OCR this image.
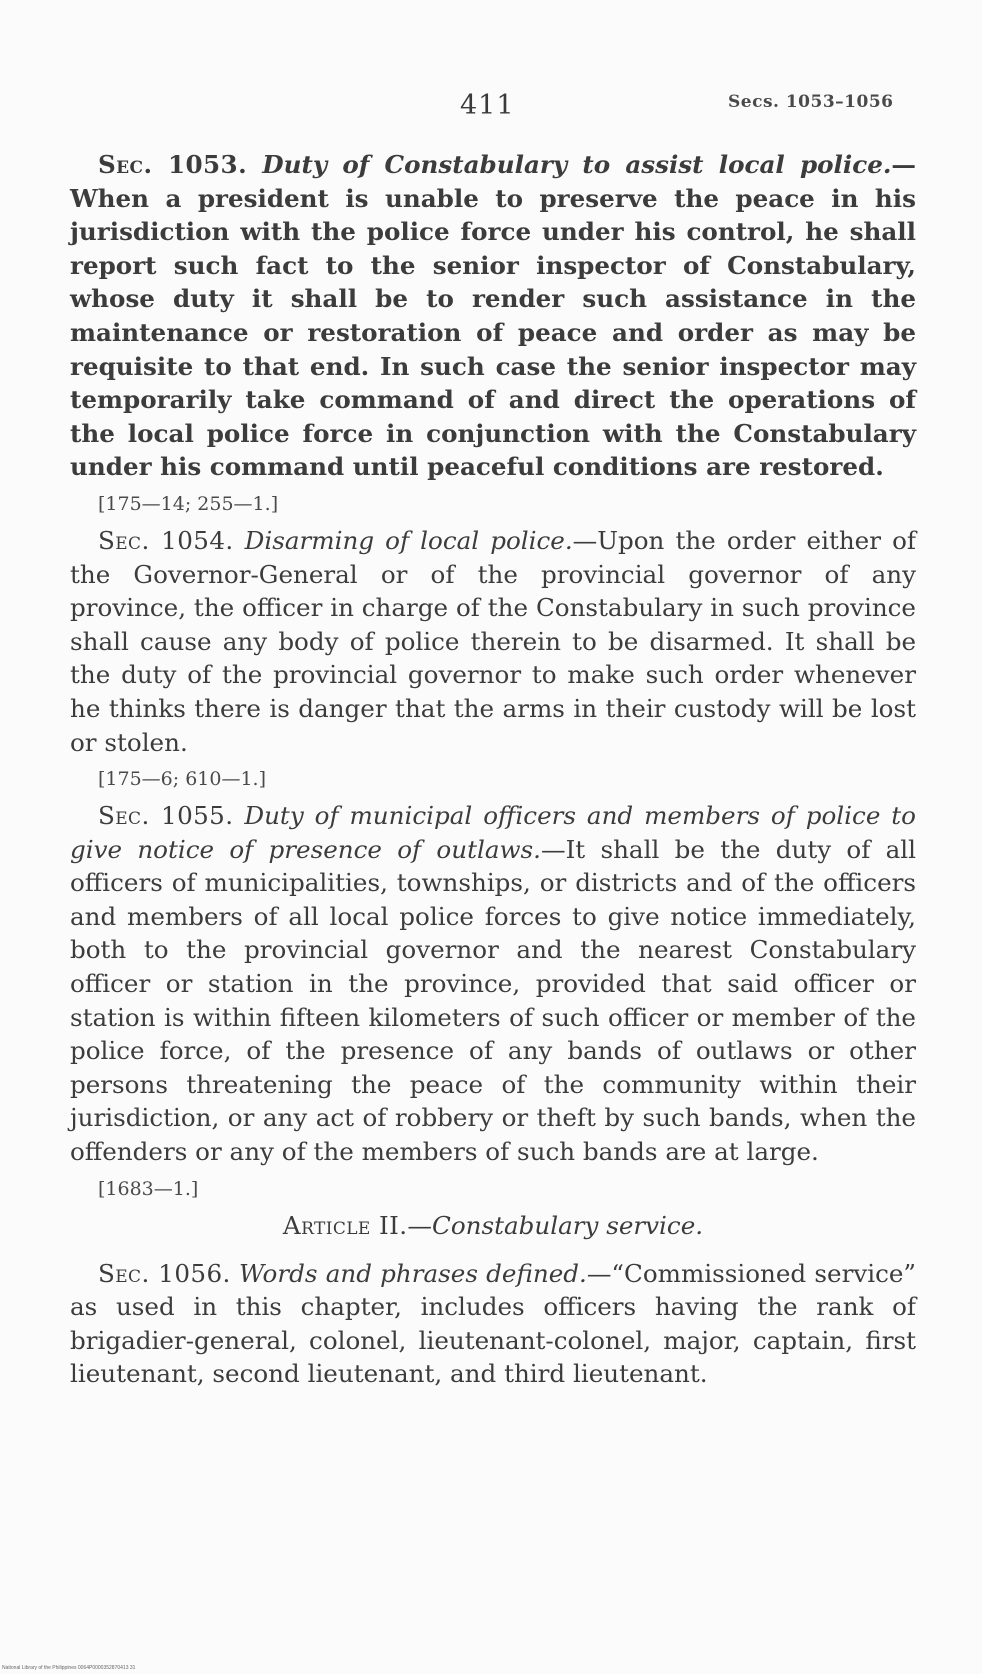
411	Secs. 1053–1056

Sec. 1053. Duty of Constabulary to assist local police.—When a president is unable to preserve the peace in his jurisdiction with the police force under his control, he shall report such fact to the senior inspector of Constabulary, whose duty it shall be to render such assistance in the maintenance or restoration of peace and order as may be requisite to that end. In such case the senior inspector may temporarily take command of and direct the operations of the local police force in conjunction with the Constabulary under his command until peaceful conditions are restored.

[175—14; 255—1.]

Sec. 1054. Disarming of local police.—Upon the order either of the Governor-General or of the provincial governor of any province, the officer in charge of the Constabulary in such province shall cause any body of police therein to be disarmed. It shall be the duty of the provincial governor to make such order whenever he thinks there is danger that the arms in their custody will be lost or stolen.

[175—6; 610—1.]

Sec. 1055. Duty of municipal officers and members of police to give notice of presence of outlaws.—It shall be the duty of all officers of municipalities, townships, or districts and of the officers and members of all local police forces to give notice immediately, both to the provincial governor and the nearest Constabulary officer or station in the province, provided that said officer or station is within fifteen kilometers of such officer or member of the police force, of the presence of any bands of outlaws or other persons threatening the peace of the community within their jurisdiction, or any act of robbery or theft by such bands, when the offenders or any of the members of such bands are at large.

[1683—1.]
Article II.—Constabulary service.

Sec. 1056. Words and phrases defined.—“Commissioned service” as used in this chapter, includes officers having the rank of brigadier-general, colonel, lieutenant-colonel, major, captain, first lieutenant, second lieutenant, and third lieutenant.

National Library of the Philippines 0064P0000352870413 31
